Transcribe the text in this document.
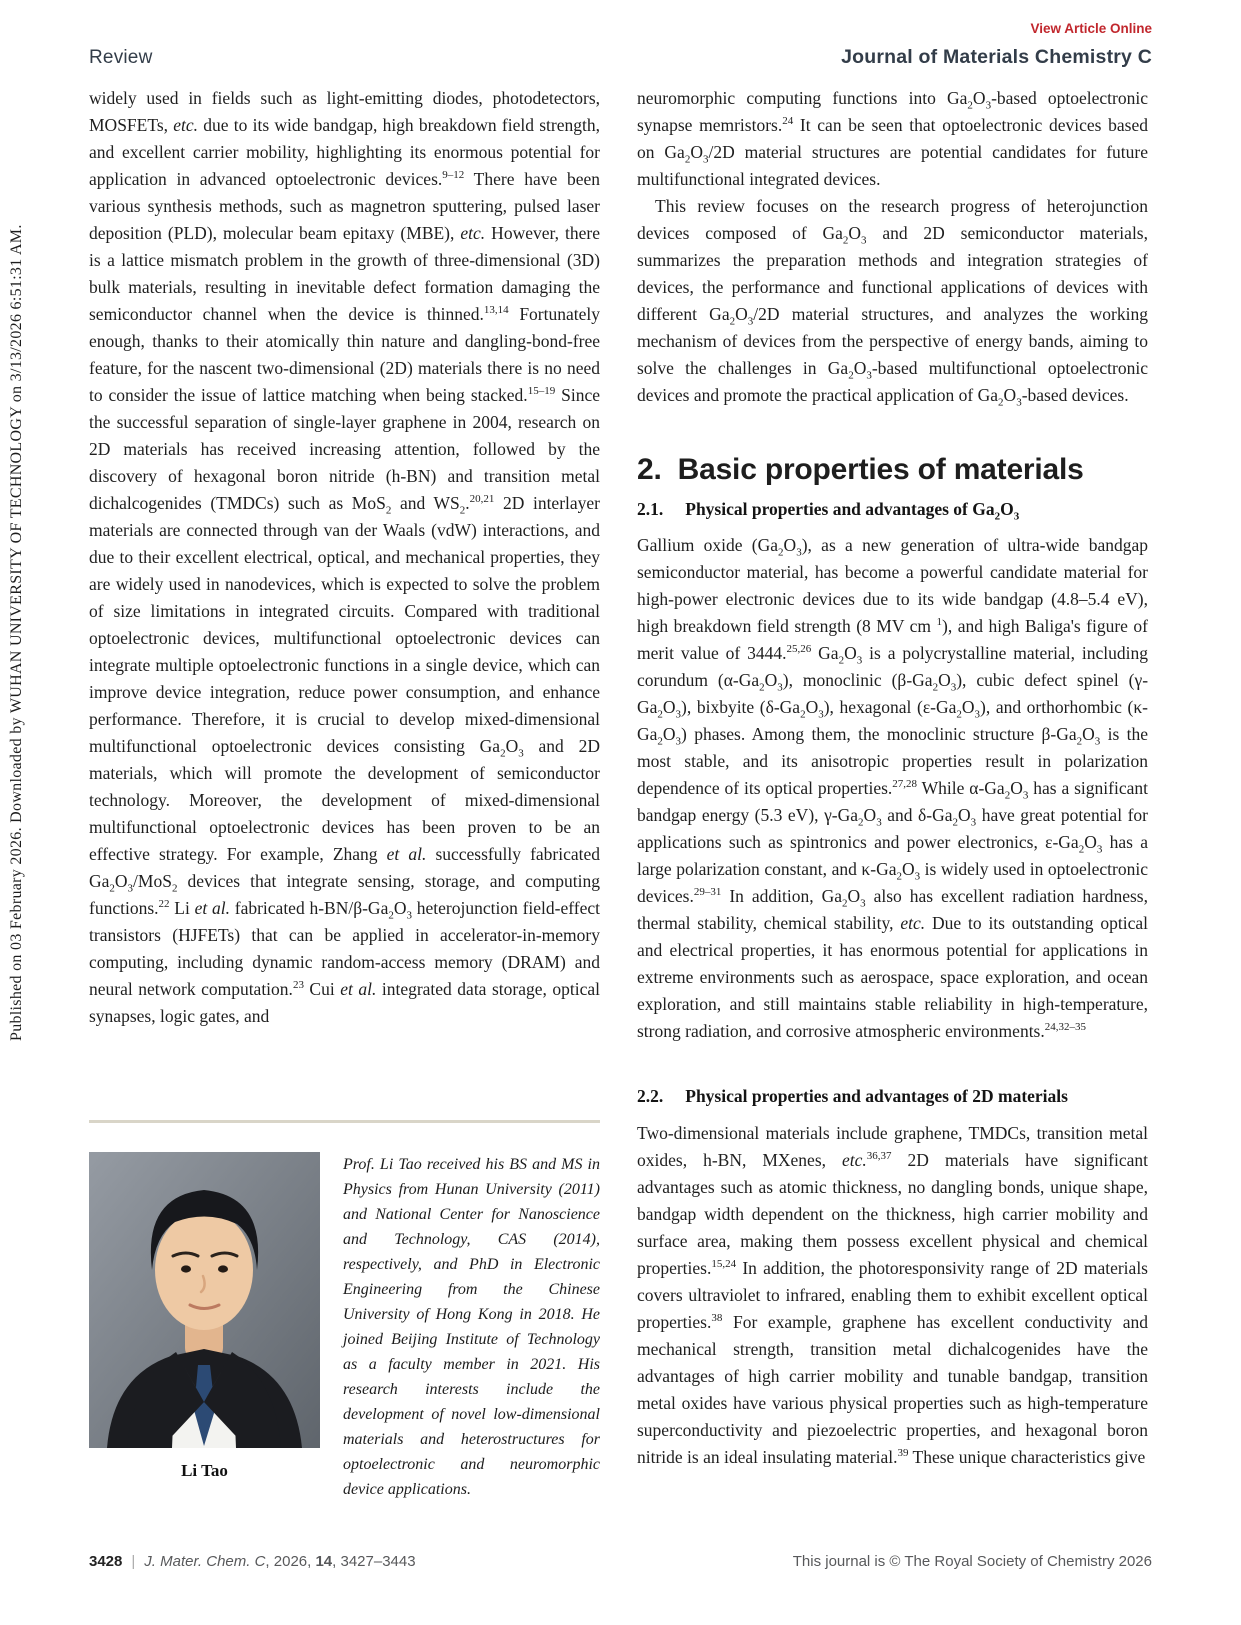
View Article Online
Review	Journal of Materials Chemistry C
Published on 03 February 2026. Downloaded by WUHAN UNIVERSITY OF TECHNOLOGY on 3/13/2026 6:51:31 AM.

widely used in fields such as light-emitting diodes, photodetectors, MOSFETs, etc. due to its wide bandgap, high breakdown field strength, and excellent carrier mobility, highlighting its enormous potential for application in advanced optoelectronic devices.$^{9-12}$ There have been various synthesis methods, such as magnetron sputtering, pulsed laser deposition (PLD), molecular beam epitaxy (MBE), etc. However, there is a lattice mismatch problem in the growth of three-dimensional (3D) bulk materials, resulting in inevitable defect formation damaging the semiconductor channel when the device is thinned.$^{13,14}$ Fortunately enough, thanks to their atomically thin nature and dangling-bond-free feature, for the nascent two-dimensional (2D) materials there is no need to consider the issue of lattice matching when being stacked.$^{15-19}$ Since the successful separation of single-layer graphene in 2004, research on 2D materials has received increasing attention, followed by the discovery of hexagonal boron nitride (h-BN) and transition metal dichalcogenides (TMDCs) such as MoS$_2$ and $WS_2.^{20,21}$ 2D interlayer materials are connected through van der Waals (vdW) interactions, and due to their excellent electrical, optical, and mechanical properties, they are widely used in nanodevices, which is expected to solve the problem of size limitations in integrated circuits. Compared with traditional optoelectronic devices, multifunctional optoelectronic devices can integrate multiple optoelectronic functions in a single device, which can improve device integration, reduce power consumption, and enhance performance. Therefore, it is crucial to develop mixed-dimensional multifunctional optoelectronic devices consisting $Ga_2O_3$ and 2D materials, which will promote the development of semiconductor technology. Moreover, the development of mixed-dimensional multifunctional optoelectronic devices has been proven to be an effective strategy. For example, Zhang et al. successfully fabricated $Ga_2O_3/MoS_2$ devices that integrate sensing, storage, and computing functions.$^{22}$ Li et al. fabricated $h-BN/\beta-Ga_2O_3$ heterojunction field-effect transistors (HJFETs) that can be applied in accelerator-in-memory computing, including dynamic random-access memory (DRAM) and neural network computation.$^{23}$ Cui et al. integrated data storage, optical synapses, logic gates, and

Li Tao
Prof. Li Tao received his BS and MS in Physics from Hunan University (2011) and National Center for Nanoscience and Technology, CAS (2014), respectively, and PhD in Electronic Engineering from the Chinese University of Hong Kong in 2018. He joined Beijing Institute of Technology as a faculty member in 2021. His research interests include the development of novel low-dimensional materials and heterostructures for optoelectronic and neuromorphic device applications.

neuromorphic computing functions into $Ga_2O_3$-based optoelectronic synapse memristors.$^{24}$ It can be seen that optoelectronic devices based on $Ga_2O_3/2D$ material structures are potential candidates for future multifunctional integrated devices.

This review focuses on the research progress of heterojunction devices composed of $Ga_2O_3$ and 2D semiconductor materials, summarizes the preparation methods and integration strategies of devices, the performance and functional applications of devices with different $Ga_2O_3/2D$ material structures, and analyzes the working mechanism of devices from the perspective of energy bands, aiming to solve the challenges in $Ga_2O_3$-based multifunctional optoelectronic devices and promote the practical application of $Ga_2O_3$-based devices.

2. Basic properties of materials
2.1. Physical properties and advantages of $Ga_2O_3$

Gallium oxide $(Ga_2O_3)$, as a new generation of ultra-wide bandgap semiconductor material, has become a powerful candidate material for high-power electronic devices due to its wide bandgap (4.8–5.4 eV), high breakdown field strength (8 MV cm $^1$), and high Baliga's figure of merit value of 3444.$^{25,26}$ $Ga_2O_3$ is a polycrystalline material, including corundum $(\alpha-Ga_2O_3)$, monoclinic $(\beta-Ga_2O_3)$, cubic defect spinel $(\gamma-Ga_2O_3)$, bixbyite $(\delta-Ga_2O_3)$, hexagonal $(\varepsilon-Ga_2O_3)$, and orthorhombic $(\kappa-Ga_2O_3)$ phases. Among them, the monoclinic structure $\beta-Ga_2O_3$ is the most stable, and its anisotropic properties result in polarization dependence of its optical properties.$^{27,28}$ While $\alpha-Ga_2O_3$ has a significant bandgap energy (5.3 eV), $\gamma-Ga_2O_3$ and $\delta-Ga_2O_3$ have great potential for applications such as spintronics and power electronics, $\varepsilon-Ga_2O_3$ has a large polarization constant, and $\kappa-Ga_2O_3$ is widely used in optoelectronic devices.$^{29-31}$ In addition, $Ga_2O_3$ also has excellent radiation hardness, thermal stability, chemical stability, etc. Due to its outstanding optical and electrical properties, it has enormous potential for applications in extreme environments such as aerospace, space exploration, and ocean exploration, and still maintains stable reliability in high-temperature, strong radiation, and corrosive atmospheric environments.$^{24,32-35}$

2.2. Physical properties and advantages of 2D materials

Two-dimensional materials include graphene, TMDCs, transition metal oxides, h-BN, MXenes, etc.$^{36,37}$ 2D materials have significant advantages such as atomic thickness, no dangling bonds, unique shape, bandgap width dependent on the thickness, high carrier mobility and surface area, making them possess excellent physical and chemical properties.$^{15,24}$ In addition, the photoresponsivity range of 2D materials covers ultraviolet to infrared, enabling them to exhibit excellent optical properties.$^{38}$ For example, graphene has excellent conductivity and mechanical strength, transition metal dichalcogenides have the advantages of high carrier mobility and tunable bandgap, transition metal oxides have various physical properties such as high-temperature superconductivity and piezoelectric properties, and hexagonal boron nitride is an ideal insulating material.$^{39}$ These unique characteristics give

3428 | J. Mater. Chem. C, 2026, 14, 3427–3443	This journal is © The Royal Society of Chemistry 2026
